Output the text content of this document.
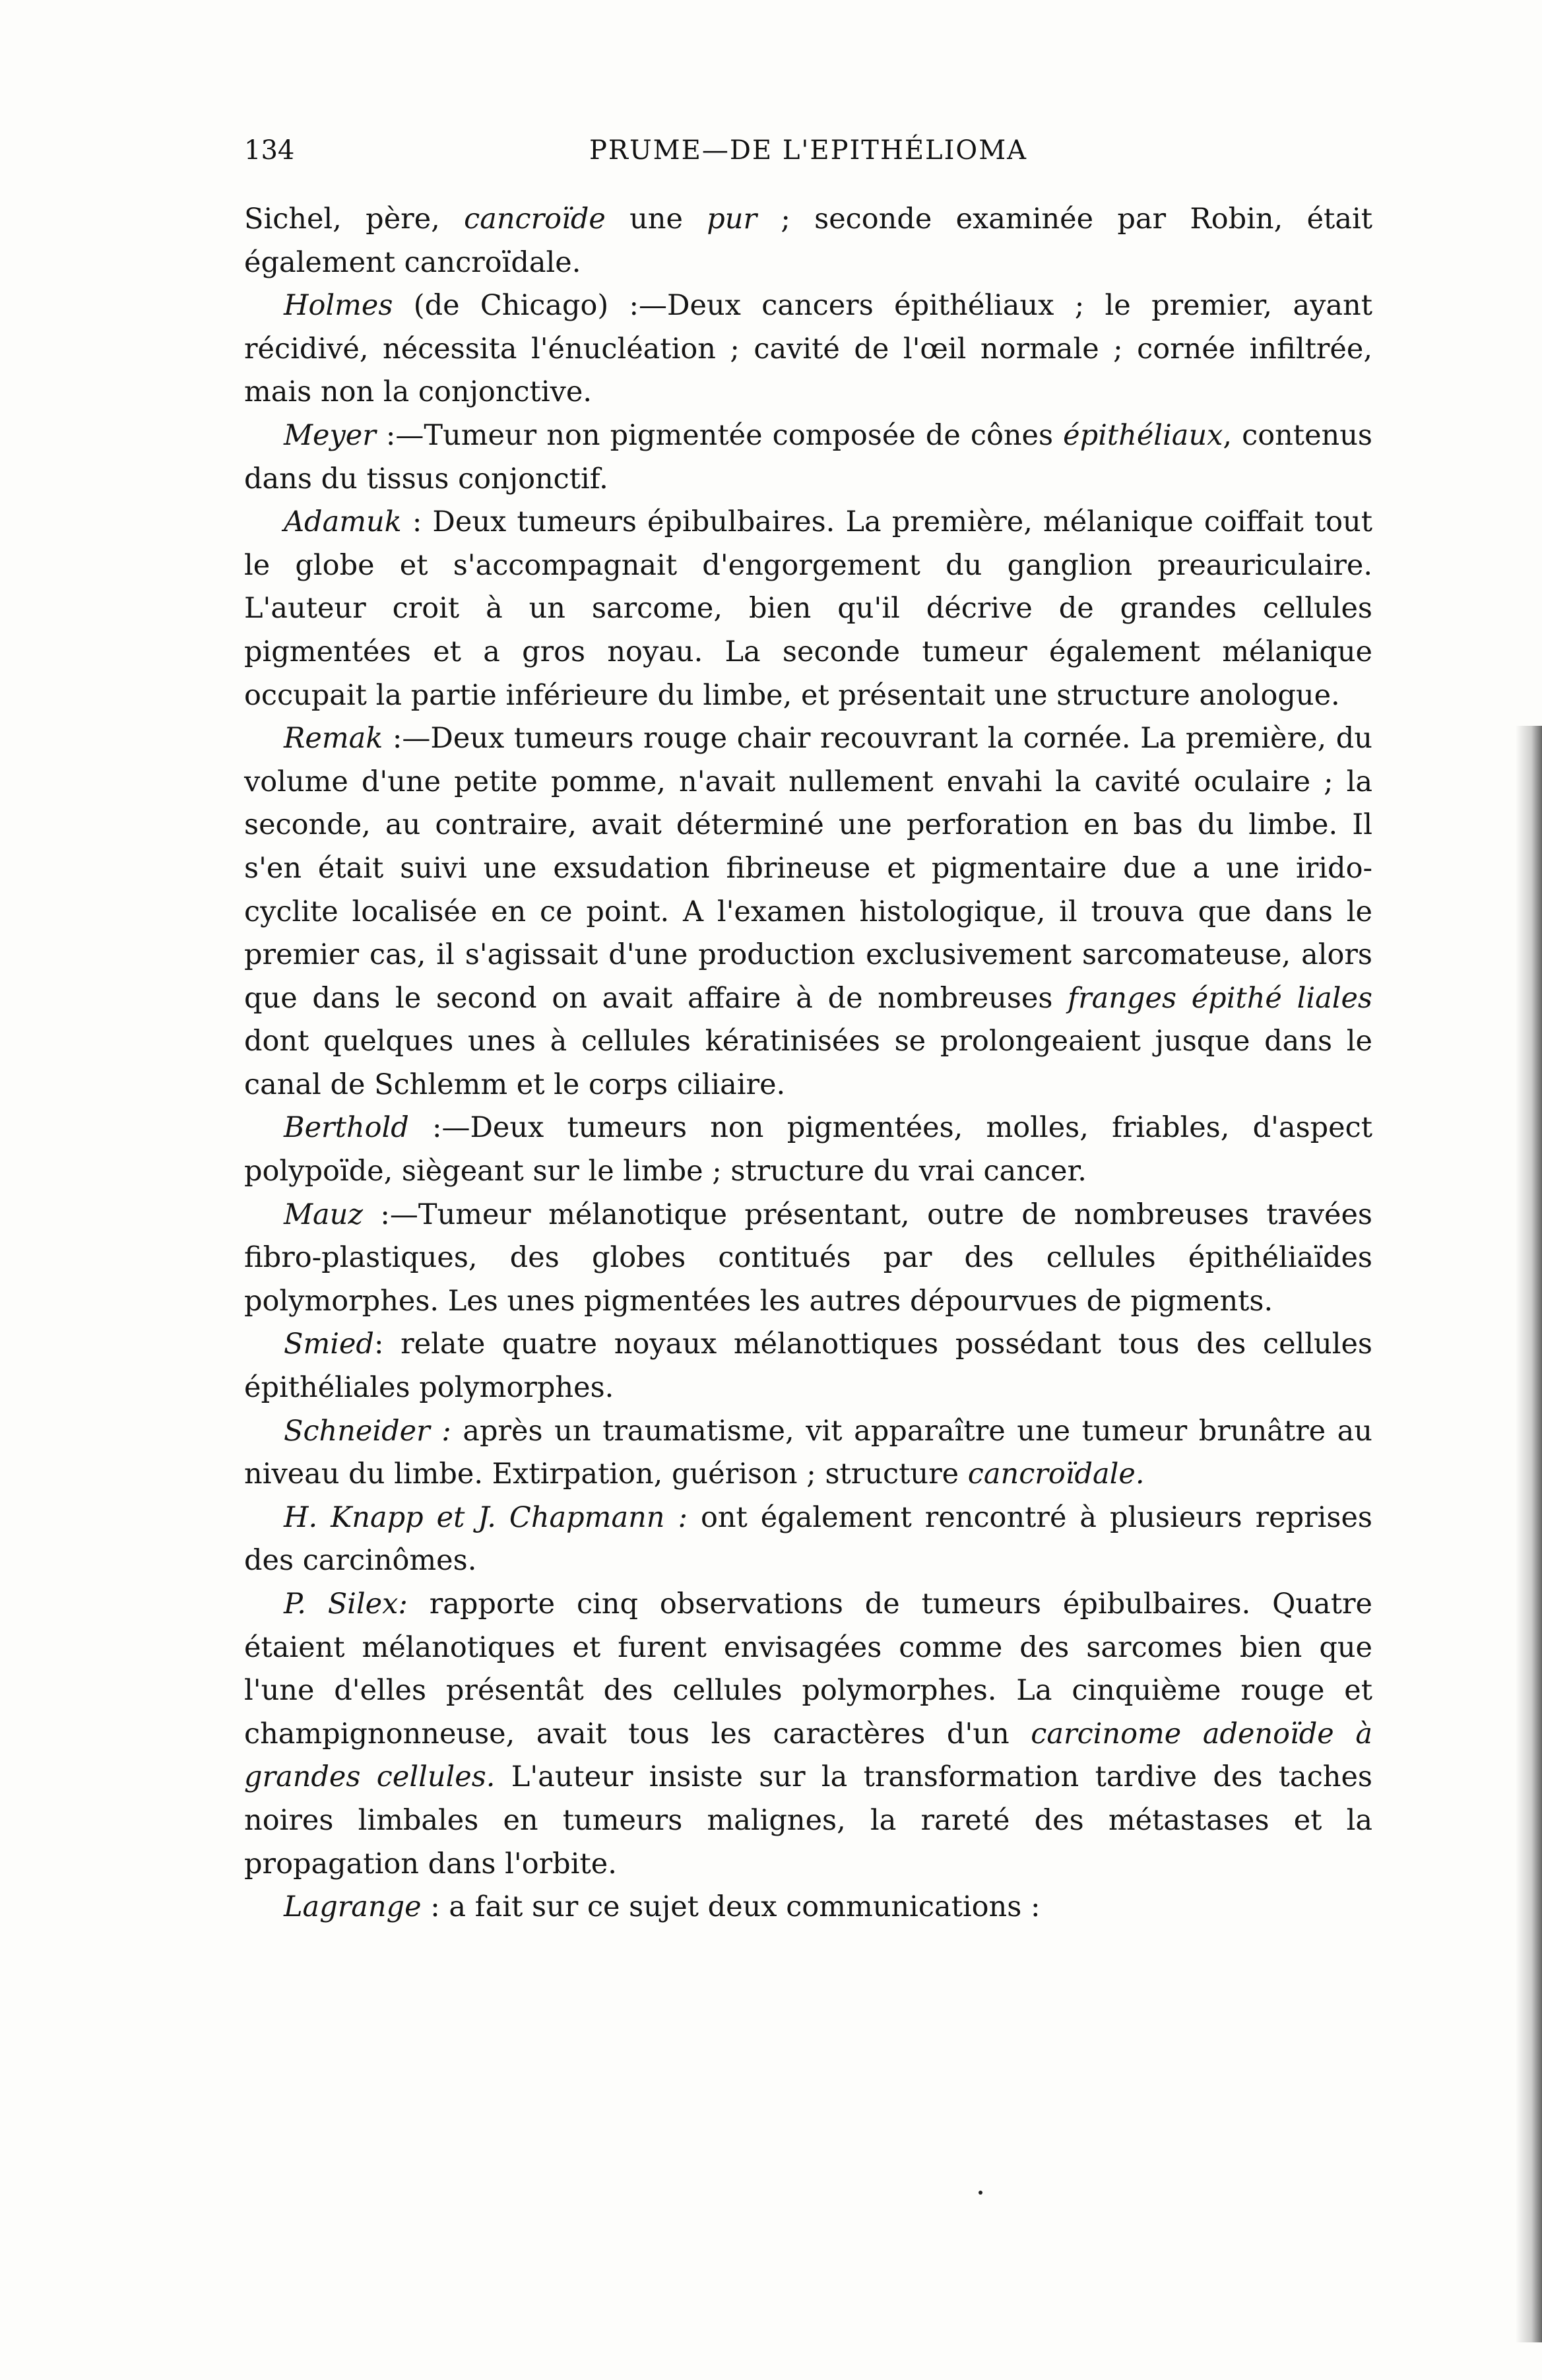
134	PRUME—DE L'EPITHÉLIOMA

Sichel, père, cancroïde une pur ; seconde examinée par Robin, était également cancroïdale.

Holmes (de Chicago) :—Deux cancers épithéliaux ; le premier, ayant récidivé, nécessita l'énucléation ; cavité de l'œil normale ; cornée infiltrée, mais non la conjonctive.

Meyer :—Tumeur non pigmentée composée de cônes épithéliaux, contenus dans du tissus conjonctif.

Adamuk : Deux tumeurs épibulbaires. La première, mélanique coiffait tout le globe et s'accompagnait d'engorgement du ganglion preauriculaire. L'auteur croit à un sarcome, bien qu'il décrive de grandes cellules pigmentées et a gros noyau. La seconde tumeur également mélanique occupait la partie inférieure du limbe, et présentait une structure anologue.

Remak :—Deux tumeurs rouge chair recouvrant la cornée. La première, du volume d'une petite pomme, n'avait nullement envahi la cavité oculaire ; la seconde, au contraire, avait déterminé une perforation en bas du limbe. Il s'en était suivi une exsudation fibrineuse et pigmentaire due a une irido-cyclite localisée en ce point. A l'examen histologique, il trouva que dans le premier cas, il s'agissait d'une production exclusivement sarcomateuse, alors que dans le second on avait affaire à de nombreuses franges épithé liales dont quelques unes à cellules kératinisées se prolongeaient jusque dans le canal de Schlemm et le corps ciliaire.

Berthold :—Deux tumeurs non pigmentées, molles, friables, d'aspect polypoïde, siègeant sur le limbe ; structure du vrai cancer.

Mauz :—Tumeur mélanotique présentant, outre de nombreuses travées fibro-plastiques, des globes contitués par des cellules épithéliaïdes polymorphes. Les unes pigmentées les autres dépourvues de pigments.

Smied: relate quatre noyaux mélanottiques possédant tous des cellules épithéliales polymorphes.

Schneider : après un traumatisme, vit apparaître une tumeur brunâtre au niveau du limbe. Extirpation, guérison ; structure cancroïdale.

H. Knapp et J. Chapmann : ont également rencontré à plusieurs reprises des carcinômes.

P. Silex: rapporte cinq observations de tumeurs épibulbaires. Quatre étaient mélanotiques et furent envisagées comme des sarcomes bien que l'une d'elles présentât des cellules polymorphes. La cinquième rouge et champignonneuse, avait tous les caractères d'un carcinome adenoïde à grandes cellules. L'auteur insiste sur la transformation tardive des taches noires limbales en tumeurs malignes, la rareté des métastases et la propagation dans l'orbite.

Lagrange : a fait sur ce sujet deux communications :
